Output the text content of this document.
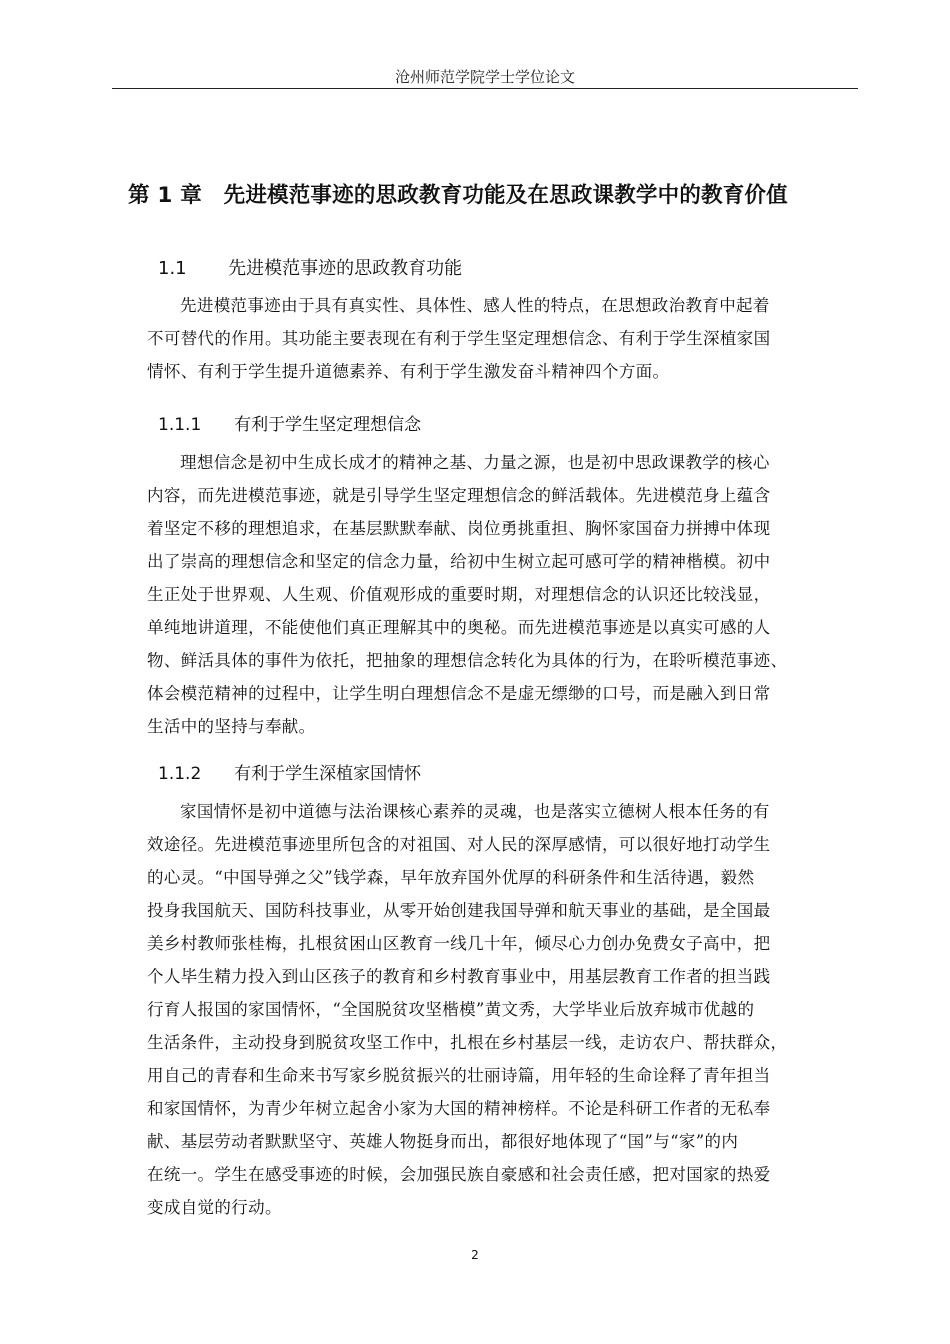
沧州师范学院学士学位论文
第 1 章　先进模范事迹的思政教育功能及在思政课教学中的教育价值
1.1 先进模范事迹的思政教育功能
先进模范事迹由于具有真实性、具体性、感人性的特点，在思想政治教育中起着
不可替代的作用。其功能主要表现在有利于学生坚定理想信念、有利于学生深植家国
情怀、有利于学生提升道德素养、有利于学生激发奋斗精神四个方面。
1.1.1 有利于学生坚定理想信念
理想信念是初中生成长成才的精神之基、力量之源，也是初中思政课教学的核心
内容，而先进模范事迹，就是引导学生坚定理想信念的鲜活载体。先进模范身上蕴含
着坚定不移的理想追求，在基层默默奉献、岗位勇挑重担、胸怀家国奋力拼搏中体现
出了崇高的理想信念和坚定的信念力量，给初中生树立起可感可学的精神楷模。初中
生正处于世界观、人生观、价值观形成的重要时期，对理想信念的认识还比较浅显，
单纯地讲道理，不能使他们真正理解其中的奥秘。而先进模范事迹是以真实可感的人
物、鲜活具体的事件为依托，把抽象的理想信念转化为具体的行为，在聆听模范事迹、
体会模范精神的过程中，让学生明白理想信念不是虚无缥缈的口号，而是融入到日常
生活中的坚持与奉献。
1.1.2 有利于学生深植家国情怀
家国情怀是初中道德与法治课核心素养的灵魂，也是落实立德树人根本任务的有
效途径。先进模范事迹里所包含的对祖国、对人民的深厚感情，可以很好地打动学生
的心灵。“中国导弹之父”钱学森，早年放弃国外优厚的科研条件和生活待遇，毅然
投身我国航天、国防科技事业，从零开始创建我国导弹和航天事业的基础，是全国最
美乡村教师张桂梅，扎根贫困山区教育一线几十年，倾尽心力创办免费女子高中，把
个人毕生精力投入到山区孩子的教育和乡村教育事业中，用基层教育工作者的担当践
行育人报国的家国情怀，“全国脱贫攻坚楷模”黄文秀，大学毕业后放弃城市优越的
生活条件，主动投身到脱贫攻坚工作中，扎根在乡村基层一线，走访农户、帮扶群众，
用自己的青春和生命来书写家乡脱贫振兴的壮丽诗篇，用年轻的生命诠释了青年担当
和家国情怀，为青少年树立起舍小家为大国的精神榜样。不论是科研工作者的无私奉
献、基层劳动者默默坚守、英雄人物挺身而出，都很好地体现了“国”与“家”的内
在统一。学生在感受事迹的时候，会加强民族自豪感和社会责任感，把对国家的热爱
变成自觉的行动。
2
